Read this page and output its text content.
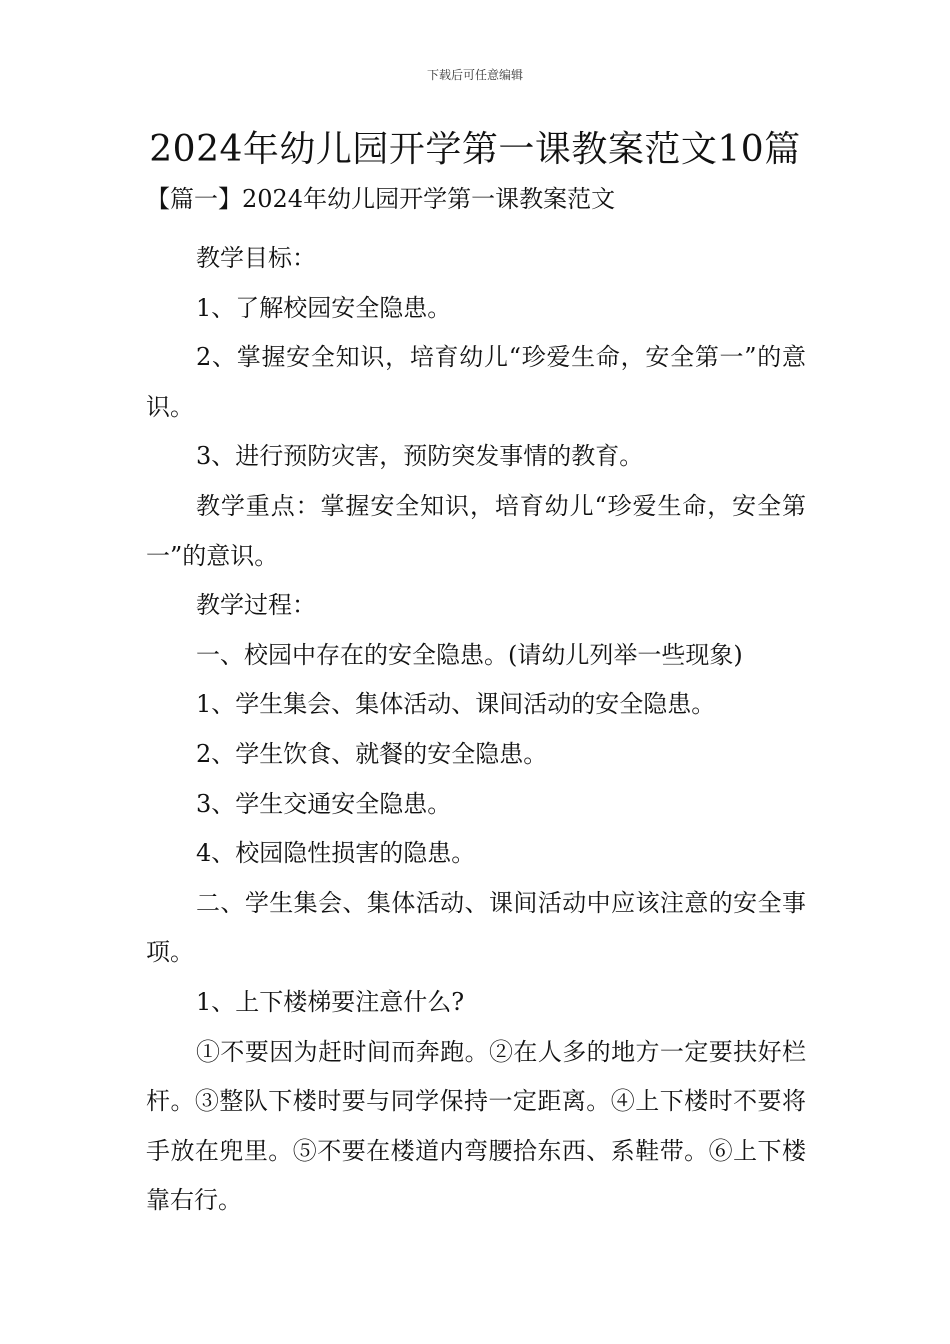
下载后可任意编辑
2024年幼儿园开学第一课教案范文10篇

【篇一】2024年幼儿园开学第一课教案范文

教学目标：

1、了解校园安全隐患。

2、掌握安全知识，培育幼儿“珍爱生命，安全第一”的意识。

3、进行预防灾害，预防突发事情的教育。

教学重点：掌握安全知识，培育幼儿“珍爱生命，安全第一”的意识。

教学过程：

一、校园中存在的安全隐患。(请幼儿列举一些现象)

1、学生集会、集体活动、课间活动的安全隐患。

2、学生饮食、就餐的安全隐患。

3、学生交通安全隐患。

4、校园隐性损害的隐患。

二、学生集会、集体活动、课间活动中应该注意的安全事项。

1、上下楼梯要注意什么?

①不要因为赶时间而奔跑。②在人多的地方一定要扶好栏杆。③整队下楼时要与同学保持一定距离。④上下楼时不要将手放在兜里。⑤不要在楼道内弯腰拾东西、系鞋带。⑥上下楼靠右行。
